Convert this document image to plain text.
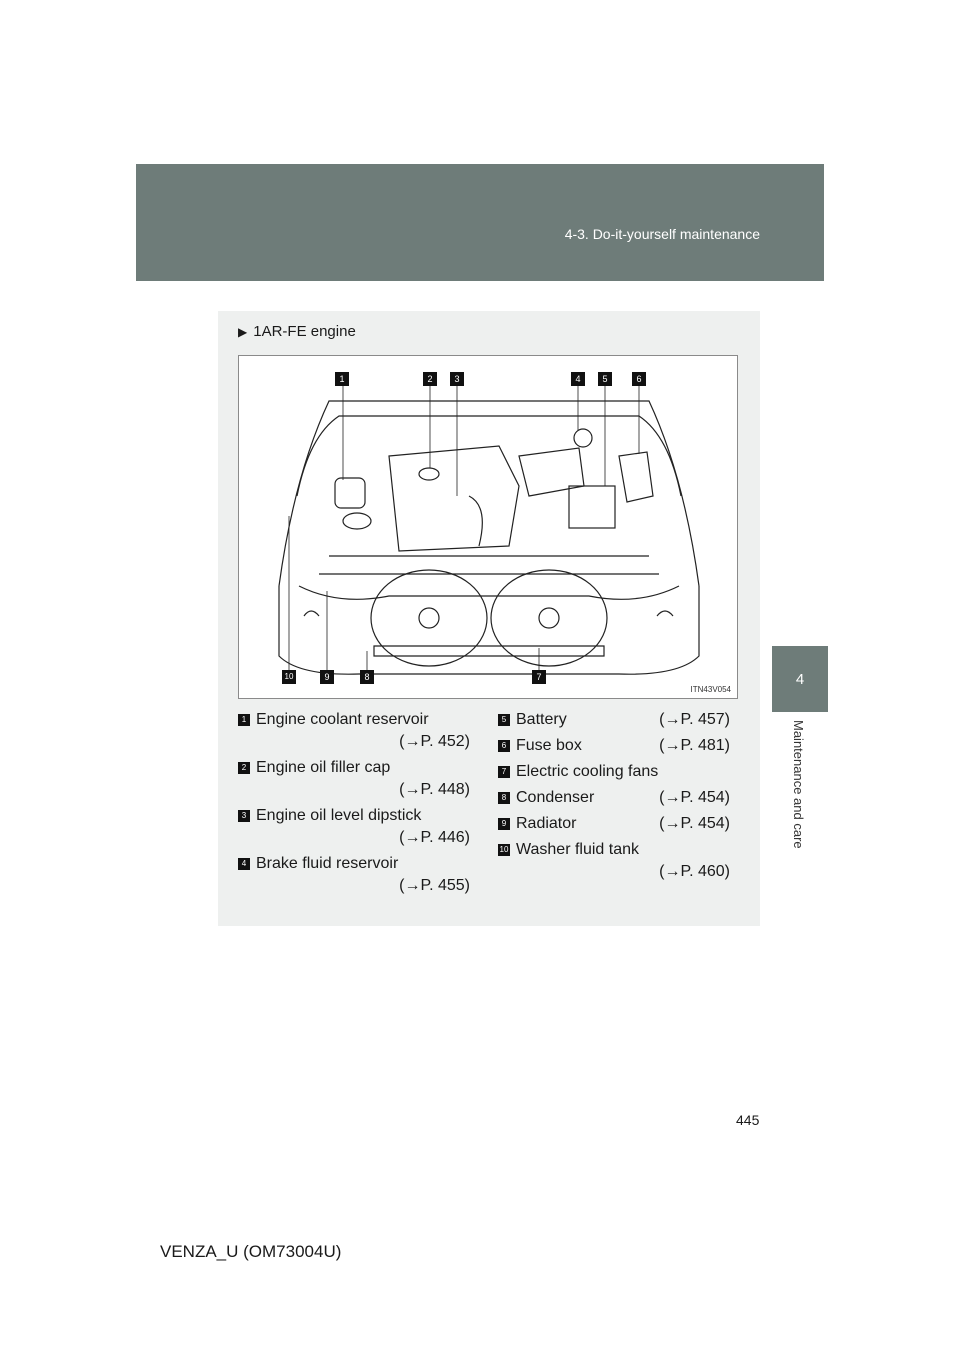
4-3. Do-it-yourself maintenance
4
Maintenance and care
▶ 1AR-FE engine
1	2	3	4	5	6
7
8
9
10
ITN43V054
1 Engine coolant reservoir
(→P. 452)
2 Engine oil filler cap
(→P. 448)
3 Engine oil level dipstick
(→P. 446)
4 Brake fluid reservoir
(→P. 455)
5 Battery	(→P. 457)
6 Fuse box	(→P. 481)
7 Electric cooling fans
8 Condenser	(→P. 454)
9 Radiator	(→P. 454)
10 Washer fluid tank
(→P. 460)
445
VENZA_U (OM73004U)
